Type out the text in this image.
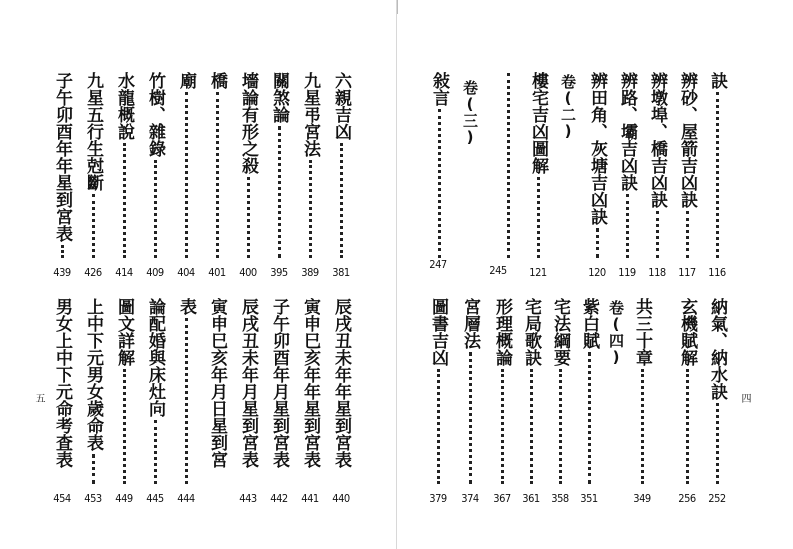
六親吉凶
381
九星弔宮法
389
關煞論
395
墻論有形之殺
400
橋
401
廟
404
竹樹、雜錄
409
水龍概說
414
九星五行生尅斷
426
子午卯酉年年星到宮表
439
辰戌丑未年年星到宮表
440
寅申巳亥年年星到宮表
441
子午卯酉年月星到宮表
442
辰戌丑未年月星到宮表
443
寅申巳亥年月日星到宮
表
444
論配婚與床灶向
445
圖文詳解
449
上中下元男女歲命表
453
男女上中下元命考査表
454
五
訣
116
辨砂、屋箭吉凶訣
117
辨墩埠、橋吉凶訣
118
辨路、壩吉凶訣
119
辨田角、灰塘吉凶訣
120
卷(二)
樓宅吉凶圖解
121
245
卷(三)
敍言
247
納氣、納水訣
252
玄機賦解
256
共三十章
349
卷(四)
紫白賦
351
宅法綱要
358
宅局歌訣
361
形理概論
367
宮層法
374
圖書吉凶
379
四
